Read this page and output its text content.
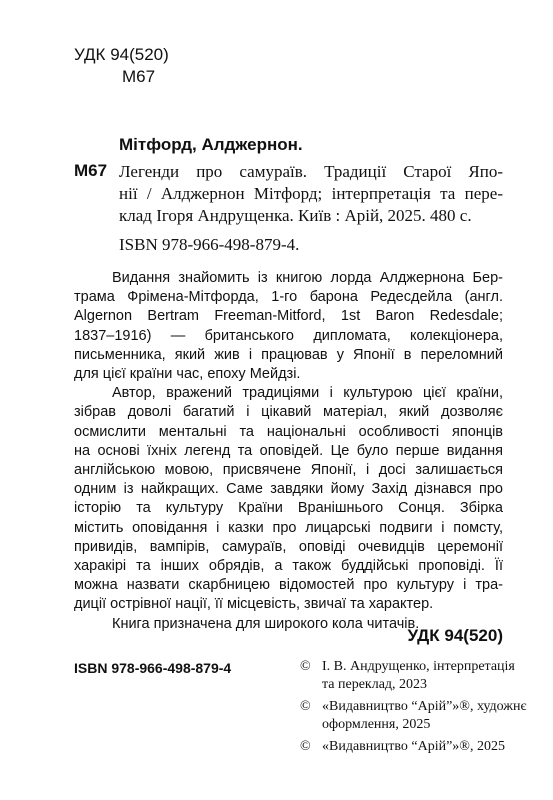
УДК 94(520)
М67
Мітфорд, Алджернон.
М67 Легенди про самураїв. Традиції Старої Япо-
нії / Алджернон Мітфорд; інтерпретація та пере-
клад Ігоря Андрущенка. Київ : Арій, 2025. 480 с.
ISBN 978-966-498-879-4.
Видання знайомить із книгою лорда Алджернона Бер-
трама Фрімена-Мітфорда, 1-го барона Редесдейла (англ.
Algernon Bertram Freeman-Mitford, 1st Baron Redesdale;
1837–1916) — британського дипломата, колекціонера,
письменника, який жив і працював у Японії в переломний
для цієї країни час, епоху Мейдзі.
Автор, вражений традиціями і культурою цієї країни,
зібрав доволі багатий і цікавий матеріал, який дозволяє
осмислити ментальні та національні особливості японців
на основі їхніх легенд та оповідей. Це було перше видання
англійською мовою, присвячене Японії, і досі залишається
одним із найкращих. Саме завдяки йому Захід дізнався про
історію та культуру Країни Вранішнього Сонця. Збірка
містить оповідання і казки про лицарські подвиги і помсту,
привидів, вампірів, самураїв, оповіді очевидців церемонії
харакірі та інших обрядів, а також буддійські проповіді. Її
можна назвати скарбницею відомостей про культуру і тра-
диції острівної нації, її місцевість, звичаї та характер.
Книга призначена для широкого кола читачів.
УДК 94(520)
ISBN 978-966-498-879-4	© І. В. Андрущенко, інтерпретація
та переклад, 2023
© «Видавництво “Арій”»®, художнє
оформлення, 2025
© «Видавництво “Арій”»®, 2025
